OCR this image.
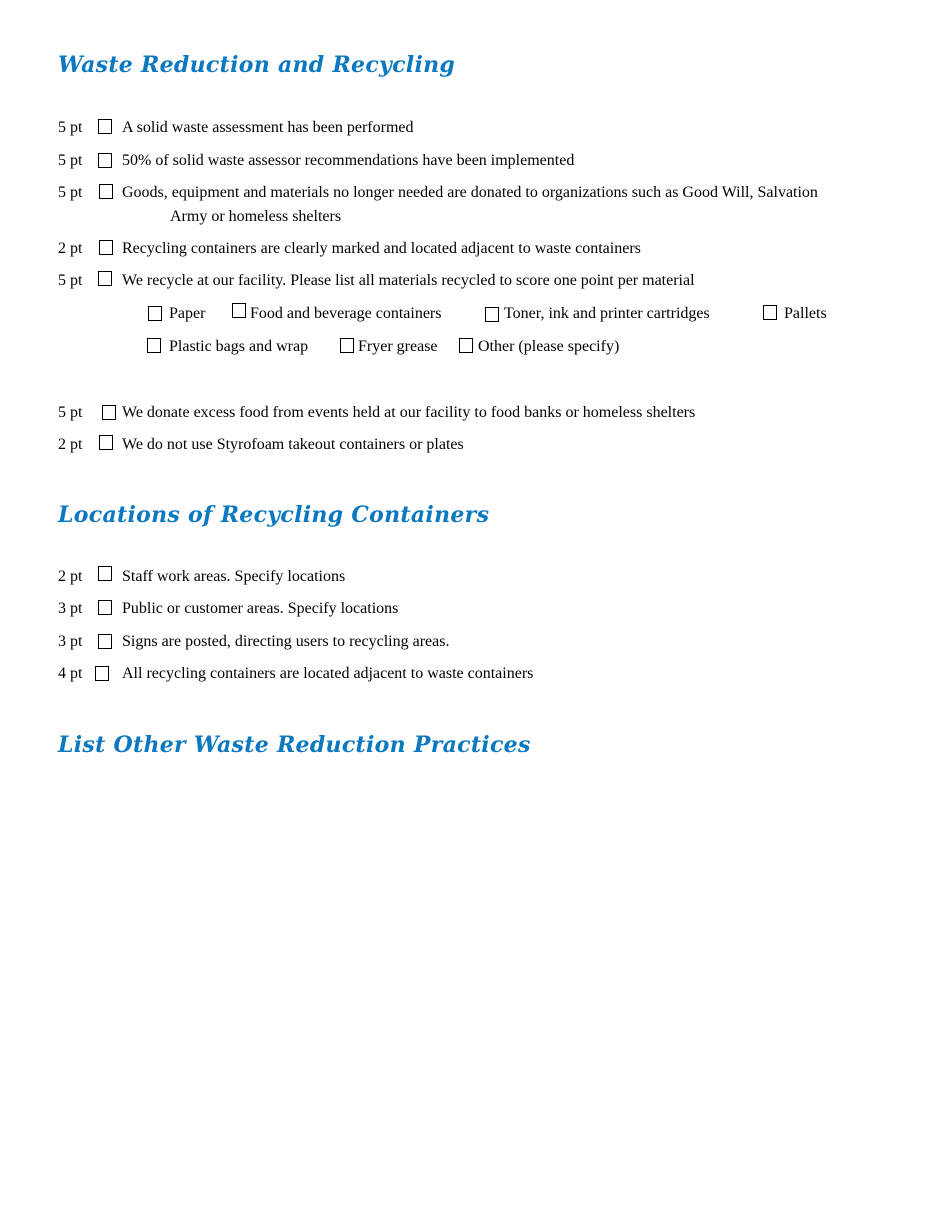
Waste Reduction and Recycling
5 pt A solid waste assessment has been performed
5 pt 50% of solid waste assessor recommendations have been implemented
5 pt Goods, equipment and materials no longer needed are donated to organizations such as Good Will, Salvation
Army or homeless shelters
2 pt Recycling containers are clearly marked and located adjacent to waste containers
5 pt We recycle at our facility. Please list all materials recycled to score one point per material
Paper	Food and beverage containers	Toner, ink and printer cartridges	Pallets
Plastic bags and wrap	Fryer grease	Other (please specify)
5 pt We donate excess food from events held at our facility to food banks or homeless shelters
2 pt We do not use Styrofoam takeout containers or plates
Locations of Recycling Containers
2 pt Staff work areas. Specify locations
3 pt Public or customer areas. Specify locations
3 pt Signs are posted, directing users to recycling areas.
4 pt All recycling containers are located adjacent to waste containers
List Other Waste Reduction Practices
